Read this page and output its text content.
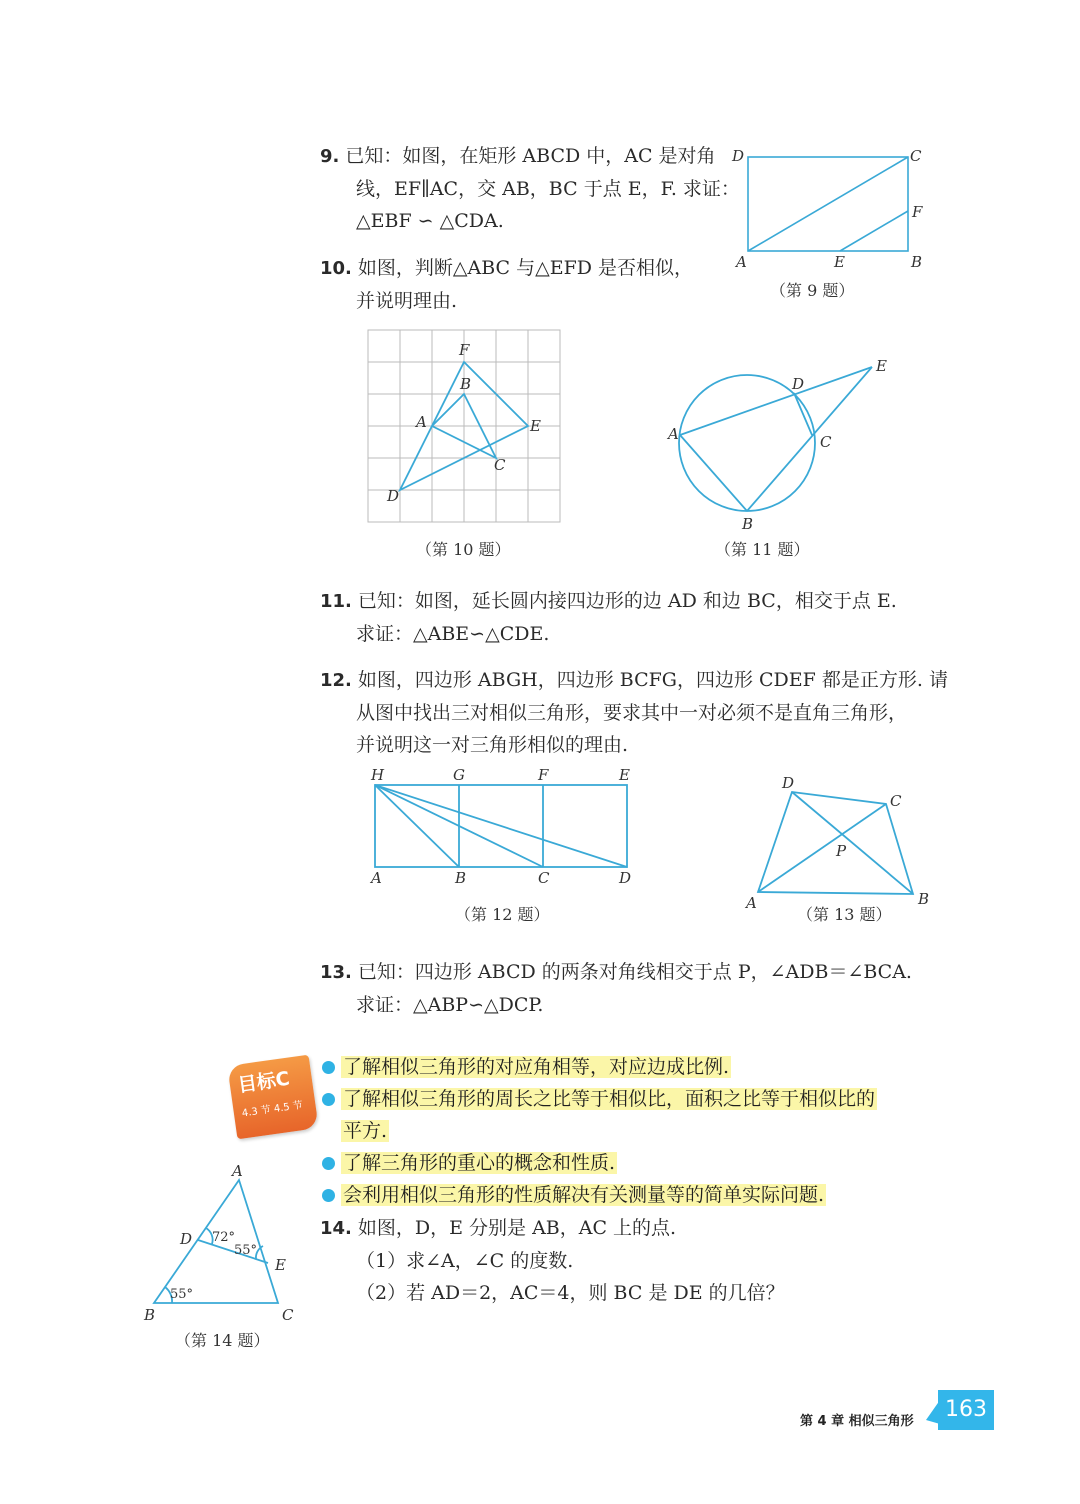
9. 已知：如图，在矩形 ABCD 中，AC 是对角
线，EF∥AC，交 AB，BC 于点 E，F. 求证：
△EBF ∽ △CDA.
D	C
F
A	E	B
（第 9 题）
10. 如图，判断△ABC 与△EFD 是否相似，
并说明理由.
F
B
A	E
C
D
（第 10 题）
A
D
E
C
B
（第 11 题）
11. 已知：如图，延长圆内接四边形的边 AD 和边 BC，相交于点 E.
求证：△ABE∽△CDE.
12. 如图，四边形 ABGH，四边形 BCFG，四边形 CDEF 都是正方形. 请
从图中找出三对相似三角形，要求其中一对必须不是直角三角形，
并说明这一对三角形相似的理由.
H	G	F	E
A	B	C	D
（第 12 题）
D
C
P
A	B
（第 13 题）
13. 已知：四边形 ABCD 的两条对角线相交于点 P，∠ADB＝∠BCA.
求证：△ABP∽△DCP.
目标C
4.3 节 4.5 节
了解相似三角形的对应角相等，对应边成比例.
了解相似三角形的周长之比等于相似比，面积之比等于相似比的
平方.
了解三角形的重心的概念和性质.
会利用相似三角形的性质解决有关测量等的简单实际问题.
14. 如图，D，E 分别是 AB，AC 上的点.
（1）求∠A，∠C 的度数.
（2）若 AD＝2，AC＝4，则 BC 是 DE 的几倍？
A
D
E
B	C
72°
55°
55°
（第 14 题）
第 4 章 相似三角形	163
